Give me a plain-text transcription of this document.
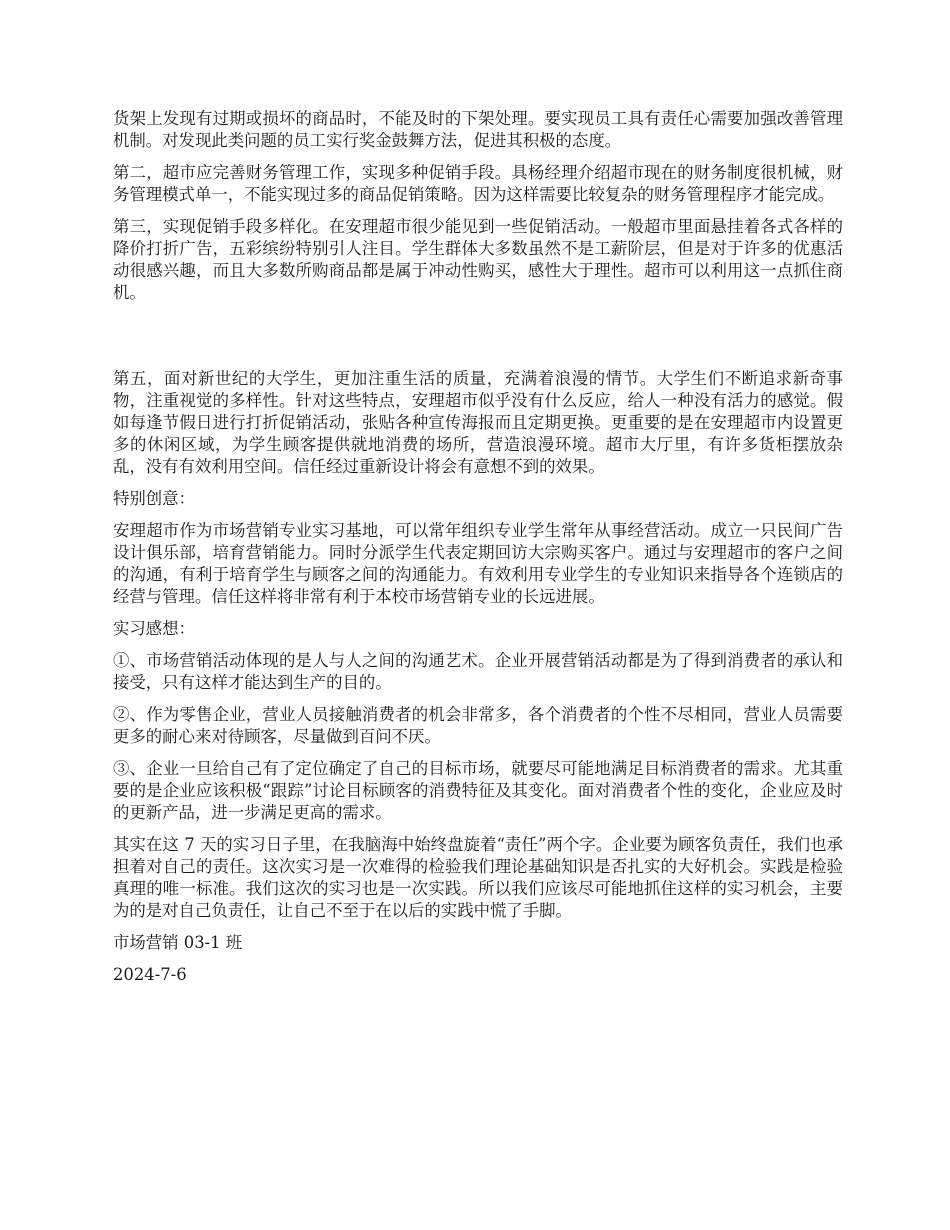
货架上发现有过期或损坏的商品时，不能及时的下架处理。要实现员工具有责任心需要加强改善管理机制。对发现此类问题的员工实行奖金鼓舞方法，促进其积极的态度。

第二，超市应完善财务管理工作，实现多种促销手段。具杨经理介绍超市现在的财务制度很机械，财务管理模式单一，不能实现过多的商品促销策略。因为这样需要比较复杂的财务管理程序才能完成。

第三，实现促销手段多样化。在安理超市很少能见到一些促销活动。一般超市里面悬挂着各式各样的降价打折广告，五彩缤纷特别引人注目。学生群体大多数虽然不是工薪阶层，但是对于许多的优惠活动很感兴趣，而且大多数所购商品都是属于冲动性购买，感性大于理性。超市可以利用这一点抓住商机。

第五，面对新世纪的大学生，更加注重生活的质量，充满着浪漫的情节。大学生们不断追求新奇事物，注重视觉的多样性。针对这些特点，安理超市似乎没有什么反应，给人一种没有活力的感觉。假如每逢节假日进行打折促销活动，张贴各种宣传海报而且定期更换。更重要的是在安理超市内设置更多的休闲区域，为学生顾客提供就地消费的场所，营造浪漫环境。超市大厅里，有许多货柜摆放杂乱，没有有效利用空间。信任经过重新设计将会有意想不到的效果。

特别创意：

安理超市作为市场营销专业实习基地，可以常年组织专业学生常年从事经营活动。成立一只民间广告设计俱乐部，培育营销能力。同时分派学生代表定期回访大宗购买客户。通过与安理超市的客户之间的沟通，有利于培育学生与顾客之间的沟通能力。有效利用专业学生的专业知识来指导各个连锁店的经营与管理。信任这样将非常有利于本校市场营销专业的长远进展。

实习感想：

①、市场营销活动体现的是人与人之间的沟通艺术。企业开展营销活动都是为了得到消费者的承认和接受，只有这样才能达到生产的目的。

②、作为零售企业，营业人员接触消费者的机会非常多，各个消费者的个性不尽相同，营业人员需要更多的耐心来对待顾客，尽量做到百问不厌。

③、企业一旦给自己有了定位确定了自己的目标市场，就要尽可能地满足目标消费者的需求。尤其重要的是企业应该积极“跟踪”讨论目标顾客的消费特征及其变化。面对消费者个性的变化，企业应及时的更新产品，进一步满足更高的需求。

其实在这 7 天的实习日子里，在我脑海中始终盘旋着“责任”两个字。企业要为顾客负责任，我们也承担着对自己的责任。这次实习是一次难得的检验我们理论基础知识是否扎实的大好机会。实践是检验真理的唯一标准。我们这次的实习也是一次实践。所以我们应该尽可能地抓住这样的实习机会，主要为的是对自己负责任，让自己不至于在以后的实践中慌了手脚。

市场营销 03-1 班

2024-7-6
